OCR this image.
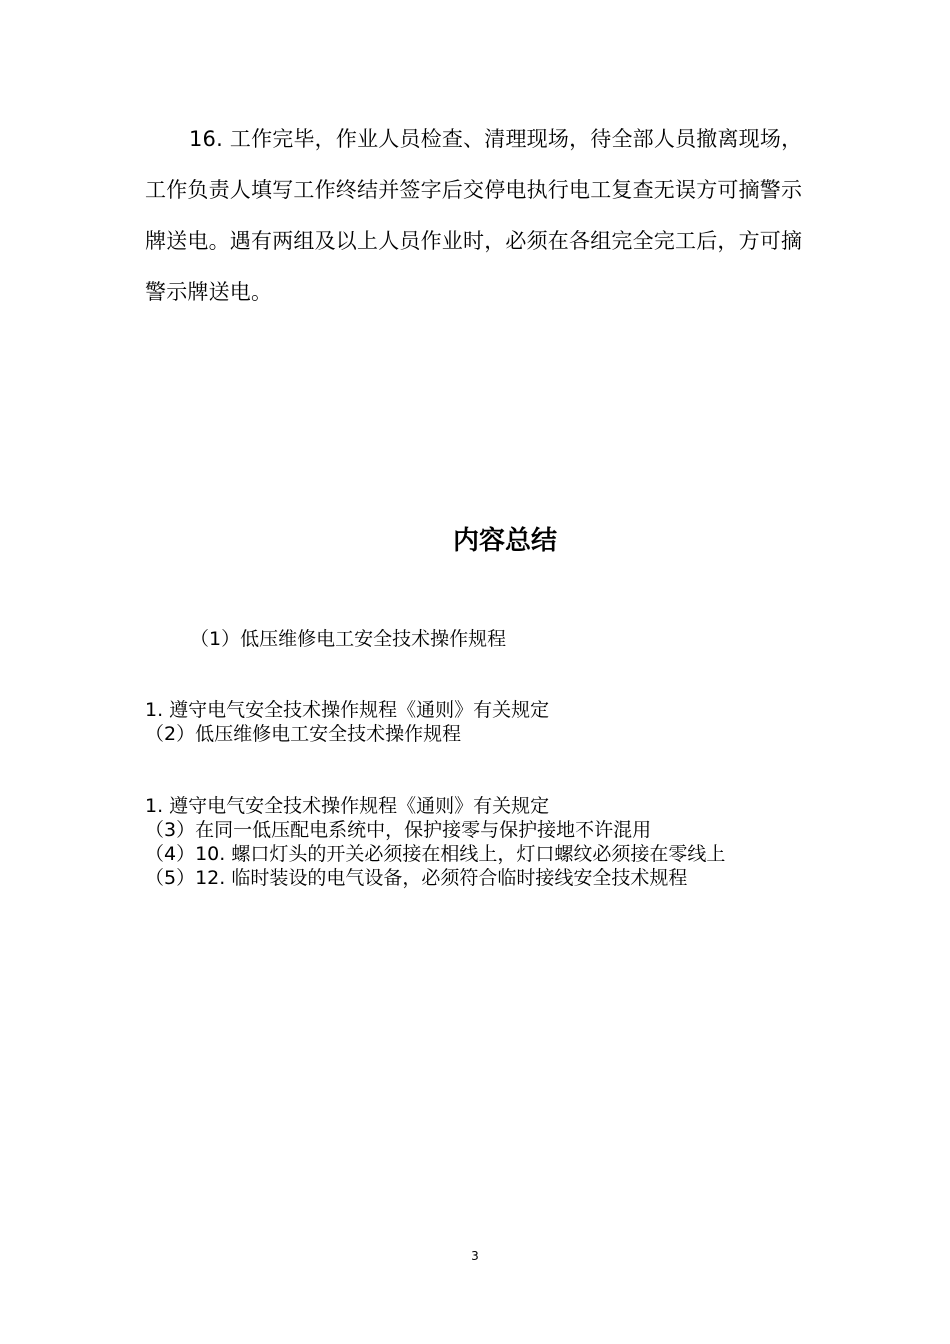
16. 工作完毕，作业人员检查、清理现场，待全部人员撤离现场，工作负责人填写工作终结并签字后交停电执行电工复查无误方可摘警示牌送电。遇有两组及以上人员作业时，必须在各组完全完工后，方可摘警示牌送电。

内容总结

（1）低压维修电工安全技术操作规程

1. 遵守电气安全技术操作规程《通则》有关规定

（2）低压维修电工安全技术操作规程

1. 遵守电气安全技术操作规程《通则》有关规定

（3）在同一低压配电系统中，保护接零与保护接地不许混用

（4）10. 螺口灯头的开关必须接在相线上，灯口螺纹必须接在零线上

（5）12. 临时装设的电气设备，必须符合临时接线安全技术规程

3
